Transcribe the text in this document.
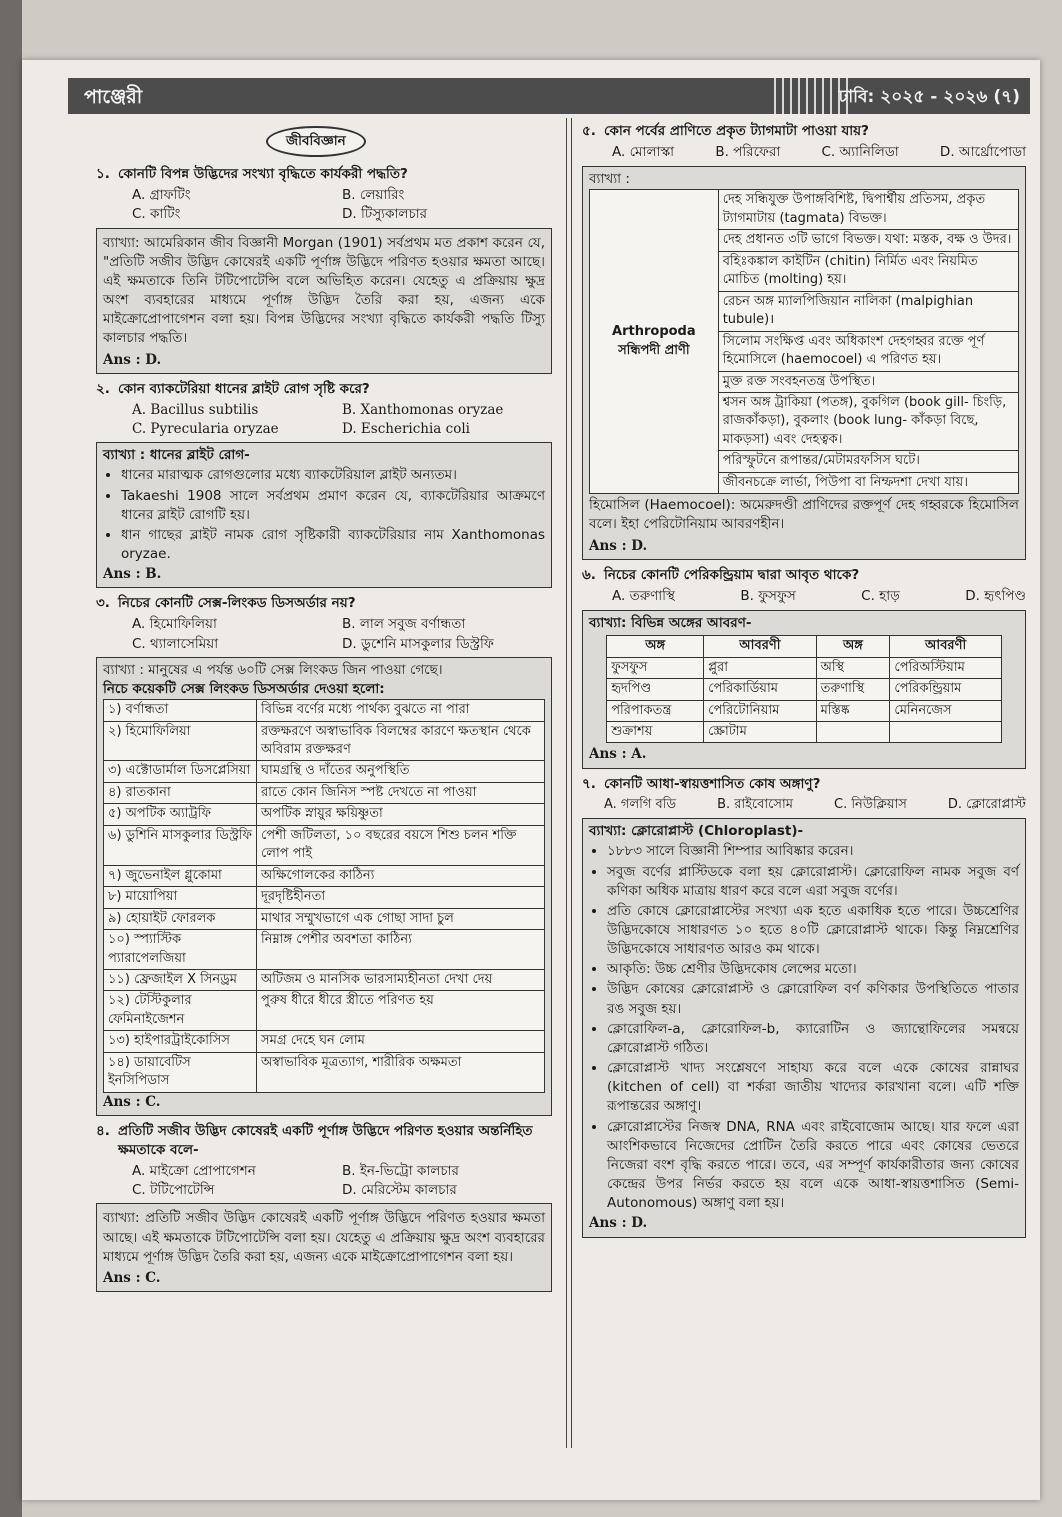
পাঞ্জেরী	ঢাবি: ২০২৫ - ২০২৬ (৭)
জীববিজ্ঞান
১. কোনটি বিপন্ন উদ্ভিদের সংখ্যা বৃদ্ধিতে কার্যকরী পদ্ধতি?
A. গ্রাফটিং	B. লেয়ারিং
C. কাটিং	D. টিস্যুকালচার

ব্যাখ্যা: আমেরিকান জীব বিজ্ঞানী Morgan (1901) সর্বপ্রথম মত প্রকাশ করেন যে, "প্রতিটি সজীব উদ্ভিদ কোষেরই একটি পূর্ণাঙ্গ উদ্ভিদে পরিণত হওয়ার ক্ষমতা আছে। এই ক্ষমতাকে তিনি টটিপোটেন্সি বলে অভিহিত করেন। যেহেতু এ প্রক্রিয়ায় ক্ষুদ্র অংশ ব্যবহারের মাধ্যমে পূর্ণাঙ্গ উদ্ভিদ তৈরি করা হয়, এজন্য একে মাইক্রোপ্রোপাগেশন বলা হয়। বিপন্ন উদ্ভিদের সংখ্যা বৃদ্ধিতে কার্যকরী পদ্ধতি টিস্যু কালচার পদ্ধতি।

Ans : D.
২. কোন ব্যাকটেরিয়া ধানের ব্লাইট রোগ সৃষ্টি করে?
A. Bacillus subtilis	B. Xanthomonas oryzae
C. Pyrecularia oryzae	D. Escherichia coli
ব্যাখ্যা : ধানের ব্লাইট রোগ-
• ধানের মারাত্মক রোগগুলোর মধ্যে ব্যাকটেরিয়াল ব্লাইট অন্যতম।
• Takaeshi 1908 সালে সর্বপ্রথম প্রমাণ করেন যে, ব্যাকটেরিয়ার আক্রমণে ধানের ব্লাইট রোগটি হয়।
• ধান গাছের ব্লাইট নামক রোগ সৃষ্টিকারী ব্যাকটেরিয়ার নাম Xanthomonas oryzae.
Ans : B.
৩. নিচের কোনটি সেক্স-লিংকড ডিসঅর্ডার নয়?
A. হিমোফিলিয়া	B. লাল সবুজ বর্ণান্ধতা
C. থ্যালাসেমিয়া	D. ডুশেনি মাসকুলার ডিস্ট্রফি
ব্যাখ্যা : মানুষের এ পর্যন্ত ৬০টি সেক্স লিংকড জিন পাওয়া গেছে।
নিচে কয়েকটি সেক্স লিংকড ডিসঅর্ডার দেওয়া হলো:
১) বর্ণান্ধতা	বিভিন্ন বর্ণের মধ্যে পার্থক্য বুঝতে না পারা
২) হিমোফিলিয়া	রক্তক্ষরণে অস্বাভাবিক বিলম্বের কারণে ক্ষতস্থান থেকে অবিরাম রক্তক্ষরণ
৩) এক্টোডার্মাল ডিসপ্লেসিয়া	ঘামগ্রন্থি ও দাঁতের অনুপস্থিতি
৪) রাতকানা	রাতে কোন জিনিস স্পষ্ট দেখতে না পাওয়া
৫) অপটিক অ্যাট্রফি	অপটিক স্নায়ুর ক্ষয়িষ্ণুতা
৬) ডুশিনি মাসকুলার ডিস্ট্রফি	পেশী জটিলতা, ১০ বছরের বয়সে শিশু চলন শক্তি লোপ পাই
৭) জুভেনাইল গ্লুকোমা	অক্ষিগোলকের কাঠিন্য
৮) মায়োপিয়া	দূরদৃষ্টিহীনতা
৯) হোয়াইট ফোরলক	মাথার সম্মুখভাগে এক গোছা সাদা চুল
১০) স্প্যাস্টিক প্যারাপেলজিয়া	নিম্নাঙ্গ পেশীর অবশতা কাঠিন্য
১১) ফ্রেজাইল X সিনড্রম	অটিজম ও মানসিক ভারসাম্যহীনতা দেখা দেয়
১২) টেস্টিকুলার ফেমিনাইজেশন	পুরুষ ধীরে ধীরে স্ত্রীতে পরিণত হয়
১৩) হাইপারট্রাইকোসিস	সমগ্র দেহে ঘন লোম
১৪) ডায়াবেটিস ইনসিপিডাস	অস্বাভাবিক মূত্রত্যাগ, শারীরিক অক্ষমতা
Ans : C.
৪. প্রতিটি সজীব উদ্ভিদ কোষেরই একটি পূর্ণাঙ্গ উদ্ভিদে পরিণত হওয়ার অন্তর্নিহিত ক্ষমতাকে বলে-
A. মাইক্রো প্রোপাগেশন	B. ইন-ভিট্রো কালচার
C. টটিপোটেন্সি	D. মেরিস্টেম কালচার

ব্যাখ্যা: প্রতিটি সজীব উদ্ভিদ কোষেরই একটি পূর্ণাঙ্গ উদ্ভিদে পরিণত হওয়ার ক্ষমতা আছে। এই ক্ষমতাকে টটিপোটেন্সি বলা হয়। যেহেতু এ প্রক্রিয়ায় ক্ষুদ্র অংশ ব্যবহারের মাধ্যমে পূর্ণাঙ্গ উদ্ভিদ তৈরি করা হয়, এজন্য একে মাইক্রোপ্রোপাগেশন বলা হয়।

Ans : C.
৫. কোন পর্বের প্রাণিতে প্রকৃত ট্যাগমাটা পাওয়া যায়?
A. মোলাস্কা	B. পরিফেরা	C. অ্যানিলিডা	D. আর্থ্রোপোডা
ব্যাখ্যা :
Arthropoda সন্ধিপদী প্রাণী	দেহ সন্ধিযুক্ত উপাঙ্গবিশিষ্ট, দ্বিপার্শ্বীয় প্রতিসম, প্রকৃত ট্যাগমাটায় (tagmata) বিভক্ত।
দেহ প্রধানত ৩টি ভাগে বিভক্ত। যথা: মস্তক, বক্ষ ও উদর।
বহিঃকঙ্কাল কাইটিন (chitin) নির্মিত এবং নিয়মিত মোচিত (molting) হয়।
রেচন অঙ্গ ম্যালপিজিয়ান নালিকা (malpighian tubule)।
সিলোম সংক্ষিপ্ত এবং অধিকাংশ দেহগহ্বর রক্তে পূর্ণ হিমোসিলে (haemocoel) এ পরিণত হয়।
মুক্ত রক্ত সংবহনতন্ত্র উপস্থিত।
শ্বসন অঙ্গ ট্রাকিয়া (পতঙ্গ), বুকগিল (book gill- চিংড়ি, রাজকাঁকড়া), বুকলাং (book lung- কাঁকড়া বিছে, মাকড়সা) এবং দেহত্বক।
পরিস্ফুটনে রূপান্তর/মেটামরফসিস ঘটে।
জীবনচক্রে লার্ভা, পিউপা বা নিম্ফদশা দেখা যায়।

হিমোসিল (Haemocoel): অমেরুদণ্ডী প্রাণিদের রক্তপূর্ণ দেহ গহ্বরকে হিমোসিল বলে। ইহা পেরিটোনিয়াম আবরণহীন।

Ans : D.
৬. নিচের কোনটি পেরিকন্ড্রিয়াম দ্বারা আবৃত থাকে?
A. তরুণাস্থি	B. ফুসফুস	C. হাড়	D. হৃৎপিণ্ড
ব্যাখ্যা: বিভিন্ন অঙ্গের আবরণ-
অঙ্গ	আবরণী	অঙ্গ	আবরণী
ফুসফুস	প্লুরা	অস্থি	পেরিঅস্টিয়াম
হৃদপিণ্ড	পেরিকার্ডিয়াম	তরুণাস্থি	পেরিকন্ড্রিয়াম
পরিপাকতন্ত্র	পেরিটোনিয়াম	মস্তিষ্ক	মেনিনজেস
শুক্রাশয়	স্ক্রোটাম		
Ans : A.
৭. কোনটি আধা-স্বায়ত্তশাসিত কোষ অঙ্গাণু?
A. গলগি বডি	B. রাইবোসোম	C. নিউক্লিয়াস	D. ক্লোরোপ্লাস্ট
ব্যাখ্যা: ক্লোরোপ্লাস্ট (Chloroplast)-
• ১৮৮৩ সালে বিজ্ঞানী শিম্পার আবিষ্কার করেন।
• সবুজ বর্ণের প্লাস্টিডকে বলা হয় ক্লোরোপ্লাস্ট। ক্লোরোফিল নামক সবুজ বর্ণ কণিকা অধিক মাত্রায় ধারণ করে বলে এরা সবুজ বর্ণের।
• প্রতি কোষে ক্লোরোপ্লাস্টের সংখ্যা এক হতে একাধিক হতে পারে। উচ্চশ্রেণির উদ্ভিদকোষে সাধারণত ১০ হতে ৪০টি ক্লোরোপ্লাস্ট থাকে। কিন্তু নিম্নশ্রেণির উদ্ভিদকোষে সাধারণত আরও কম থাকে।
• আকৃতি: উচ্চ শ্রেণীর উদ্ভিদকোষ লেন্সের মতো।
• উদ্ভিদ কোষের ক্লোরোপ্লাস্ট ও ক্লোরোফিল বর্ণ কণিকার উপস্থিতিতে পাতার রঙ সবুজ হয়।
• ক্লোরোফিল-a, ক্লোরোফিল-b, ক্যারোটিন ও জ্যান্থোফিলের সমন্বয়ে ক্লোরোপ্লাস্ট গঠিত।
• ক্লোরোপ্লাস্ট খাদ্য সংশ্লেষণে সাহায্য করে বলে একে কোষের রান্নাঘর (kitchen of cell) বা শর্করা জাতীয় খাদ্যের কারখানা বলে। এটি শক্তি রূপান্তরের অঙ্গাণু।
• ক্লোরোপ্লাস্টের নিজস্ব DNA, RNA এবং রাইবোজোম আছে। যার ফলে এরা আংশিকভাবে নিজেদের প্রোটিন তৈরি করতে পারে এবং কোষের ভেতরে নিজেরা বংশ বৃদ্ধি করতে পারে। তবে, এর সম্পূর্ণ কার্যকারীতার জন্য কোষের কেন্দ্রের উপর নির্ভর করতে হয় বলে একে আধা-স্বায়ত্তশাসিত (Semi-Autonomous) অঙ্গাণু বলা হয়।
Ans : D.
